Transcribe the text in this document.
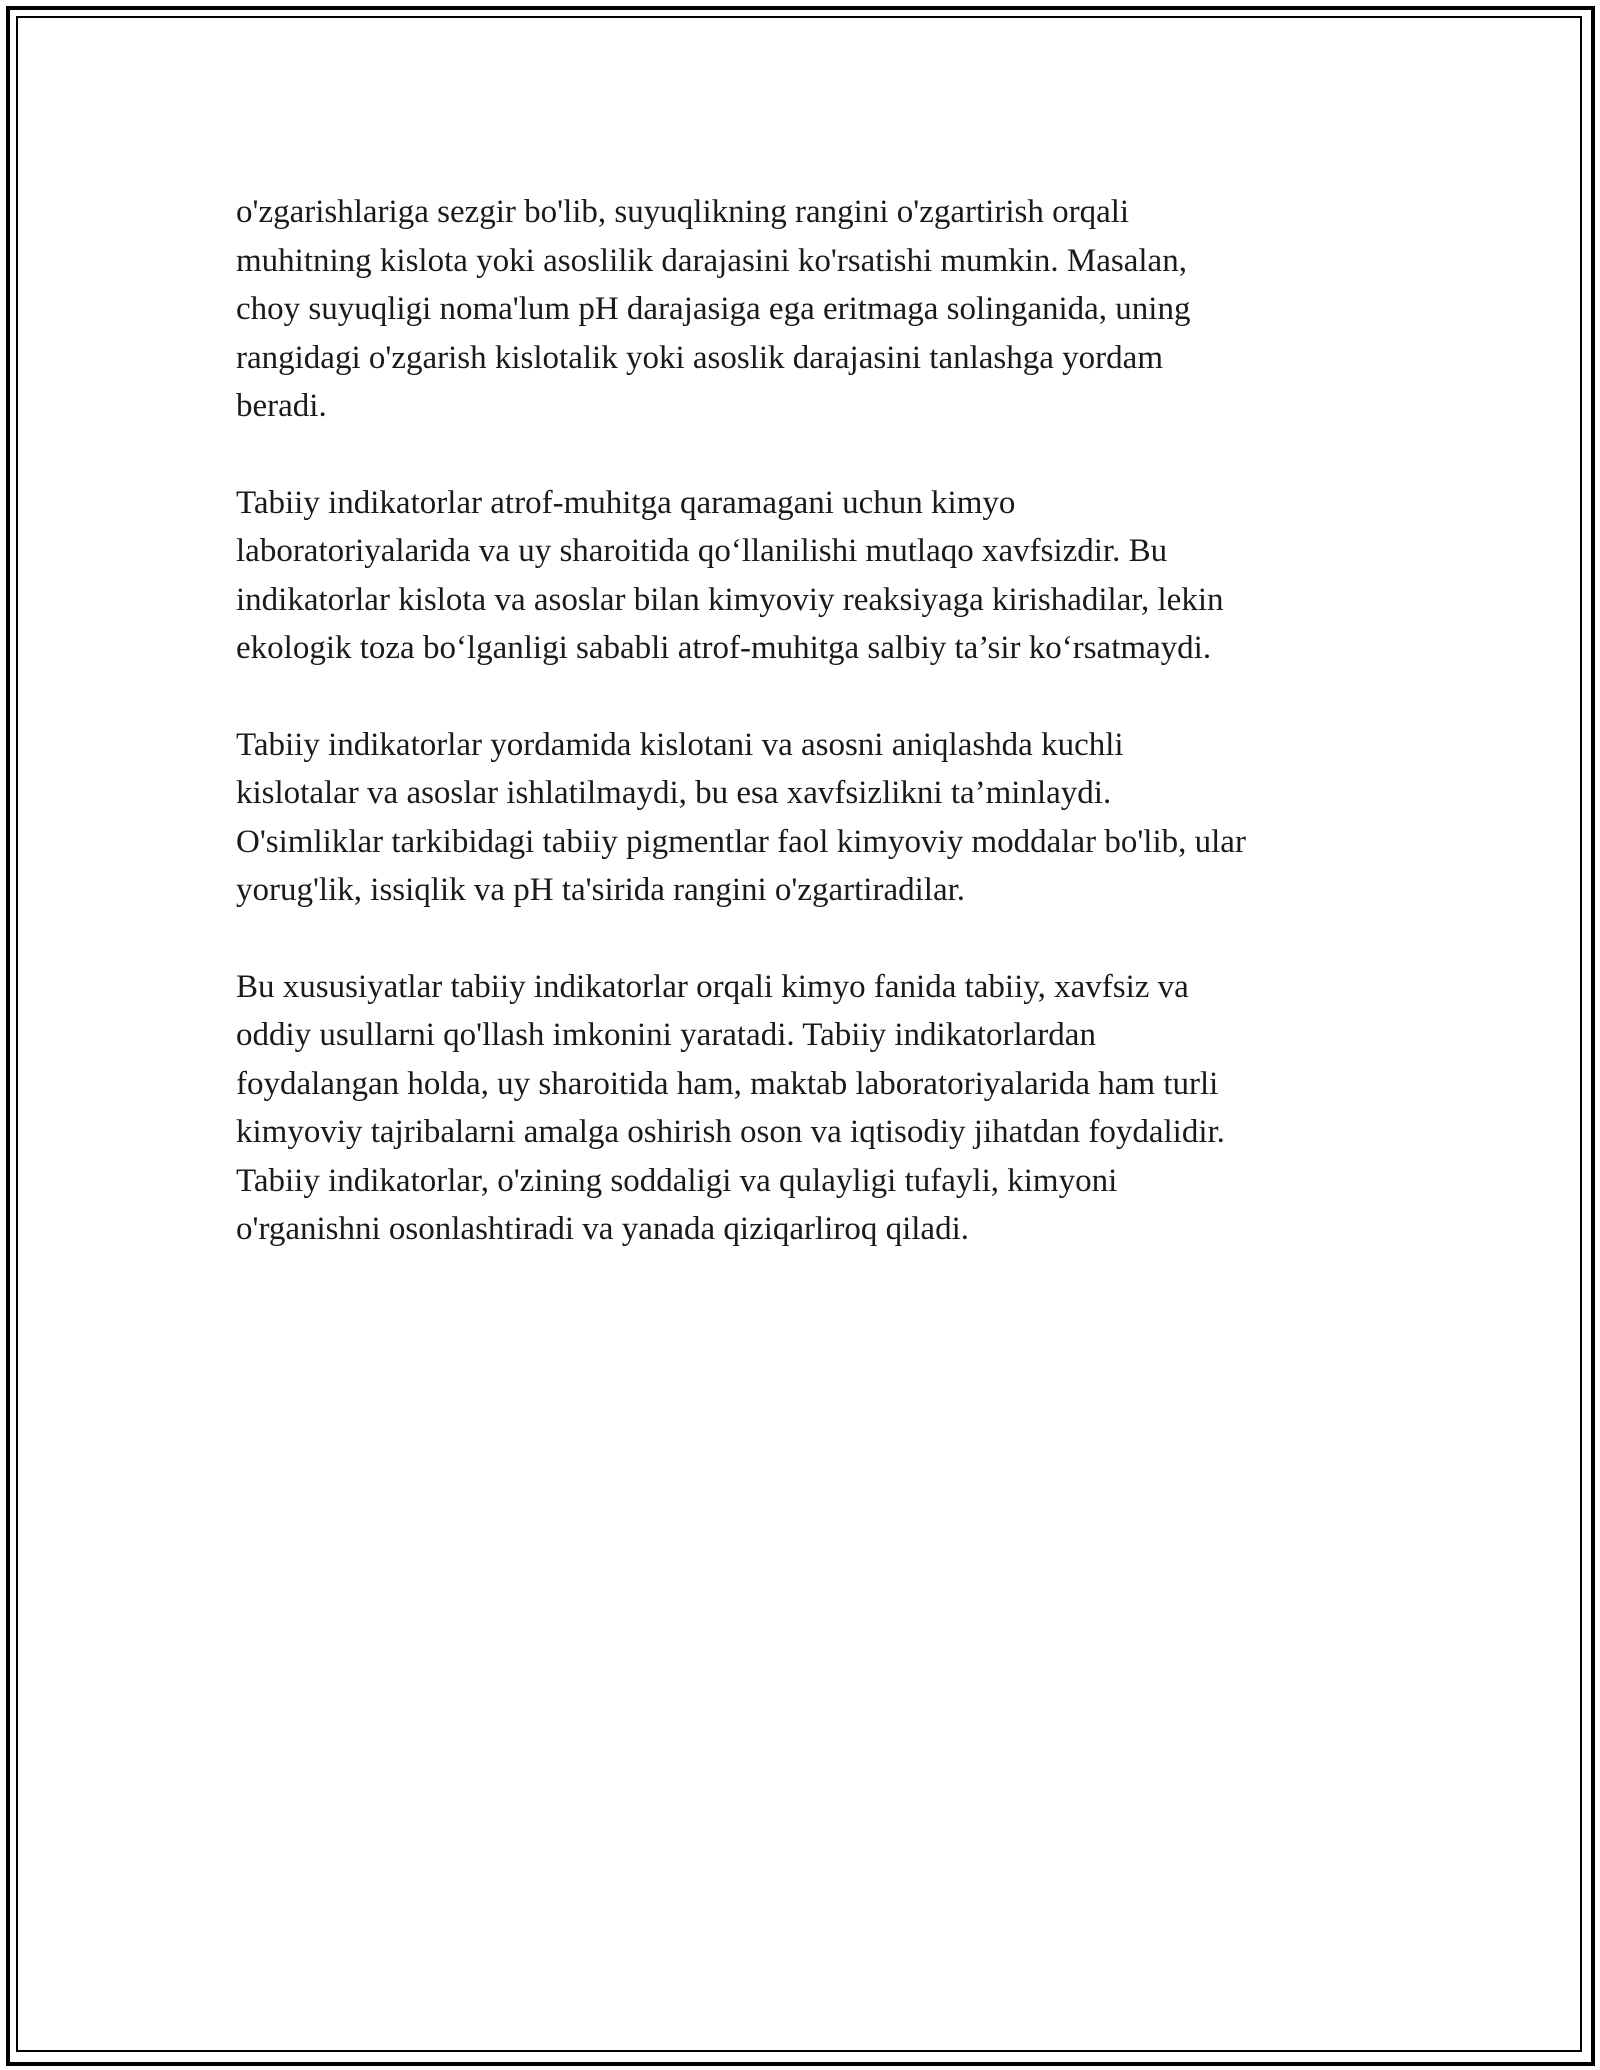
o'zgarishlariga sezgir bo'lib, suyuqlikning rangini o'zgartirish orqali
muhitning kislota yoki asoslilik darajasini ko'rsatishi mumkin. Masalan,
choy suyuqligi noma'lum pH darajasiga ega eritmaga solinganida, uning
rangidagi o'zgarish kislotalik yoki asoslik darajasini tanlashga yordam
beradi.

Tabiiy indikatorlar atrof-muhitga qaramagani uchun kimyo
laboratoriyalarida va uy sharoitida qo‘llanilishi mutlaqo xavfsizdir. Bu
indikatorlar kislota va asoslar bilan kimyoviy reaksiyaga kirishadilar, lekin
ekologik toza bo‘lganligi sababli atrof-muhitga salbiy ta’sir ko‘rsatmaydi.

Tabiiy indikatorlar yordamida kislotani va asosni aniqlashda kuchli
kislotalar va asoslar ishlatilmaydi, bu esa xavfsizlikni ta’minlaydi.
O'simliklar tarkibidagi tabiiy pigmentlar faol kimyoviy moddalar bo'lib, ular
yorug'lik, issiqlik va pH ta'sirida rangini o'zgartiradilar.

Bu xususiyatlar tabiiy indikatorlar orqali kimyo fanida tabiiy, xavfsiz va
oddiy usullarni qo'llash imkonini yaratadi. Tabiiy indikatorlardan
foydalangan holda, uy sharoitida ham, maktab laboratoriyalarida ham turli
kimyoviy tajribalarni amalga oshirish oson va iqtisodiy jihatdan foydalidir.
Tabiiy indikatorlar, o'zining soddaligi va qulayligi tufayli, kimyoni
o'rganishni osonlashtiradi va yanada qiziqarliroq qiladi.
